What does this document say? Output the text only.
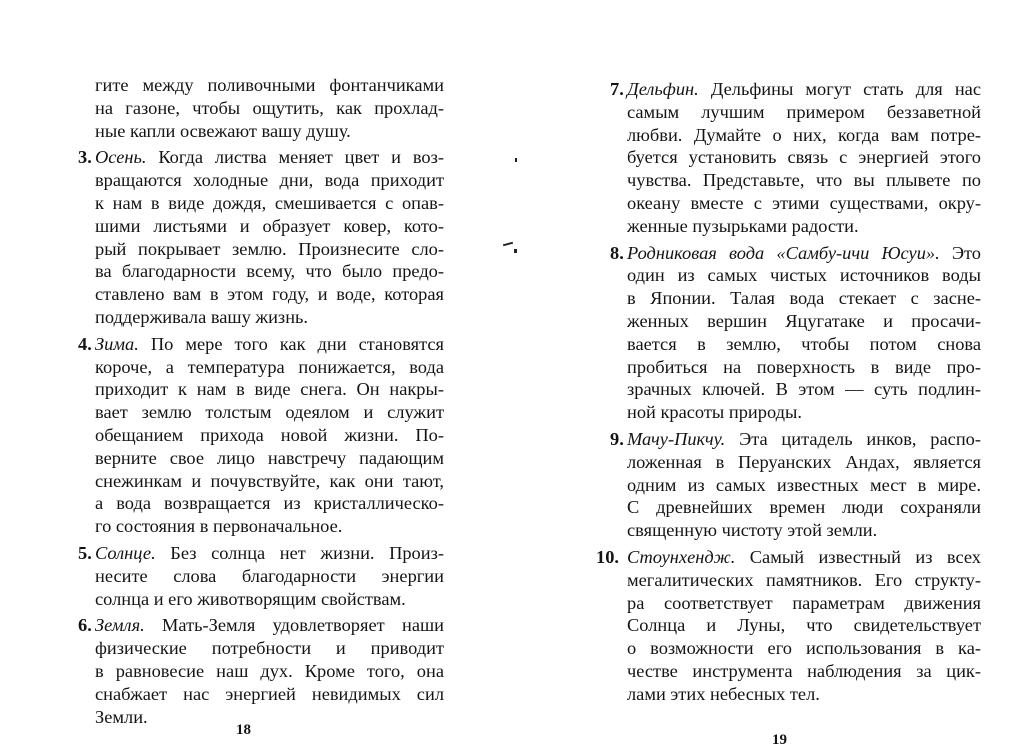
гите между поливочными фонтанчиками
на газоне, чтобы ощутить, как прохлад-
ные капли освежают вашу душу.
3. Осень. Когда листва меняет цвет и воз-
вращаются холодные дни, вода приходит
к нам в виде дождя, смешивается с опав-
шими листьями и образует ковер, кото-
рый покрывает землю. Произнесите сло-
ва благодарности всему, что было предо-
ставлено вам в этом году, и воде, которая
поддерживала вашу жизнь.
4. Зима. По мере того как дни становятся
короче, а температура понижается, вода
приходит к нам в виде снега. Он накры-
вает землю толстым одеялом и служит
обещанием прихода новой жизни. По-
верните свое лицо навстречу падающим
снежинкам и почувствуйте, как они тают,
а вода возвращается из кристаллическо-
го состояния в первоначальное.
5. Солнце. Без солнца нет жизни. Произ-
несите слова благодарности энергии
солнца и его животворящим свойствам.
6. Земля. Мать-Земля удовлетворяет наши
физические потребности и приводит
в равновесие наш дух. Кроме того, она
снабжает нас энергией невидимых сил
Земли.
7. Дельфин. Дельфины могут стать для нас
самым лучшим примером беззаветной
любви. Думайте о них, когда вам потре-
буется установить связь с энергией этого
чувства. Представьте, что вы плывете по
океану вместе с этими существами, окру-
женные пузырьками радости.
8. Родниковая вода «Самбу-ичи Юсуи». Это
один из самых чистых источников воды
в Японии. Талая вода стекает с засне-
женных вершин Яцугатаке и просачи-
вается в землю, чтобы потом снова
пробиться на поверхность в виде про-
зрачных ключей. В этом — суть подлин-
ной красоты природы.
9. Мачу-Пикчу. Эта цитадель инков, распо-
ложенная в Перуанских Андах, является
одним из самых известных мест в мире.
С древнейших времен люди сохраняли
священную чистоту этой земли.
10. Стоунхендж. Самый известный из всех
мегалитических памятников. Его структу-
ра соответствует параметрам движения
Солнца и Луны, что свидетельствует
о возможности его использования в ка-
честве инструмента наблюдения за цик-
лами этих небесных тел.
18
19
